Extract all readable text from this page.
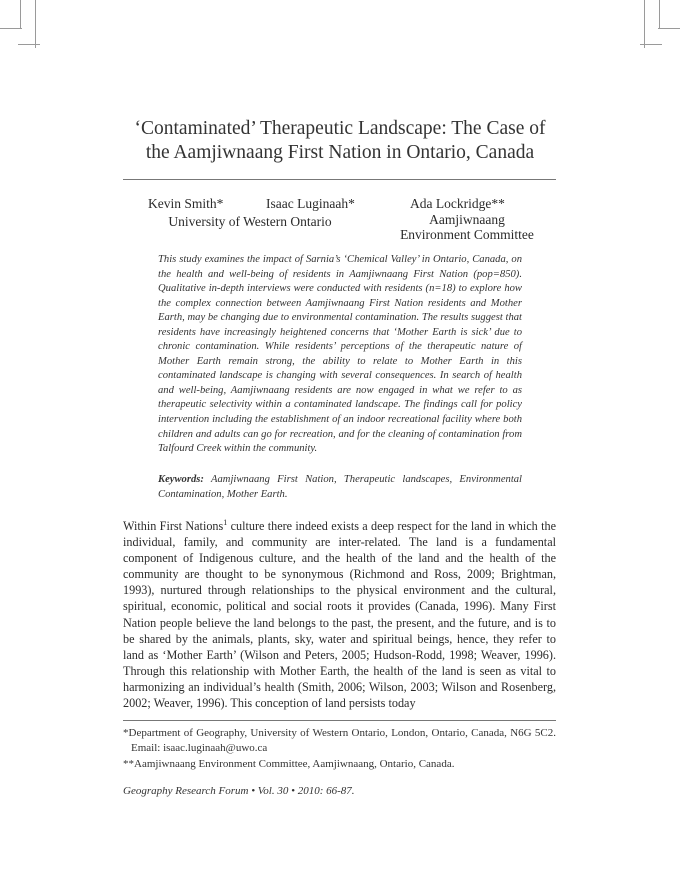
‘Contaminated’ Therapeutic Landscape: The Case of
the Aamjiwnaang First Nation in Ontario, Canada
Kevin Smith*	Isaac Luginaah*	Ada Lockridge**
University of Western Ontario	Aamjiwnaang
Environment Committee
This study examines the impact of Sarnia’s ‘Chemical Valley’ in Ontario, Canada, on the health and well-being of residents in Aamjiwnaang First Nation (pop=850). Qualitative in-depth interviews were conducted with residents (n=18) to explore how the complex connection between Aamjiwnaang First Nation residents and Mother Earth, may be changing due to environmental contamination. The results suggest that residents have increasingly heightened concerns that ‘Mother Earth is sick’ due to chronic contamination. While residents’ perceptions of the therapeutic nature of Mother Earth remain strong, the ability to relate to Mother Earth in this contaminated landscape is changing with several consequences. In search of health and well-being, Aamjiwnaang residents are now engaged in what we refer to as therapeutic selectivity within a contaminated landscape. The findings call for policy intervention including the establishment of an indoor recreational facility where both children and adults can go for recreation, and for the cleaning of contamination from Talfourd Creek within the community.
Keywords: Aamjiwnaang First Nation, Therapeutic landscapes, Environmental Contamination, Mother Earth.
Within First Nations$^1$ culture there indeed exists a deep respect for the land in which the individual, family, and community are inter-related. The land is a fundamental component of Indigenous culture, and the health of the land and the health of the community are thought to be synonymous (Richmond and Ross, 2009; Brightman, 1993), nurtured through relationships to the physical environment and the cultural, spiritual, economic, political and social roots it provides (Canada, 1996). Many First Nation people believe the land belongs to the past, the present, and the future, and is to be shared by the animals, plants, sky, water and spiritual beings, hence, they refer to land as ‘Mother Earth’ (Wilson and Peters, 2005; Hudson-Rodd, 1998; Weaver, 1996). Through this relationship with Mother Earth, the health of the land is seen as vital to harmonizing an individual’s health (Smith, 2006; Wilson, 2003; Wilson and Rosenberg, 2002; Weaver, 1996). This conception of land persists today

*Department of Geography, University of Western Ontario, London, Ontario, Canada, N6G 5C2. Email: isaac.luginaah@uwo.ca

**Aamjiwnaang Environment Committee, Aamjiwnaang, Ontario, Canada.

Geography Research Forum • Vol. 30 • 2010: 66-87.
